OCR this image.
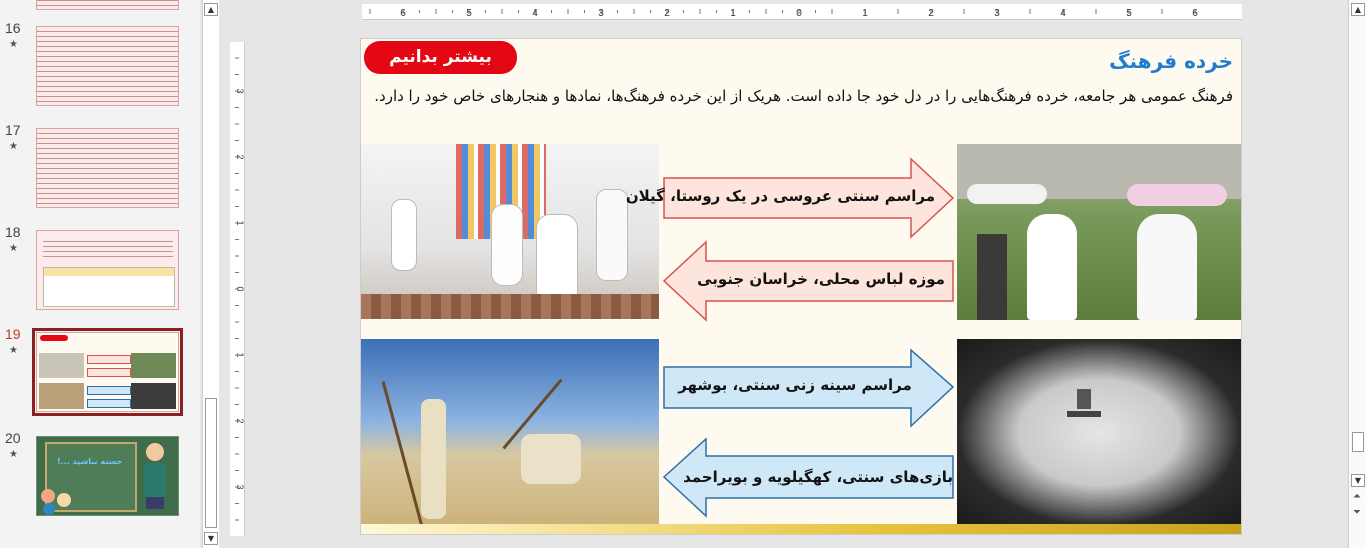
16
★
17
★
18
★
19
★
20
★
خسته نباشید ...!
▲
▼
6	5	4	3	2	1	0	1	2	3	4	5	6
3
2
1
0
1
2
3
بیشتر بدانیم	خرده فرهنگ
فرهنگ عمومی هر جامعه، خرده فرهنگ‌هایی را در دل خود جا داده است. هریک از این خرده فرهنگ‌ها، نمادها و هنجارهای خاص خود را دارد.
مراسم سنتی عروسی در یک روستا، گیلان
موزه لباس محلی، خراسان جنوبی
مراسم سینه زنی سنتی، بوشهر
بازی‌های سنتی، کهگیلویه و بویراحمد
▲
▼
⏶
⏷
